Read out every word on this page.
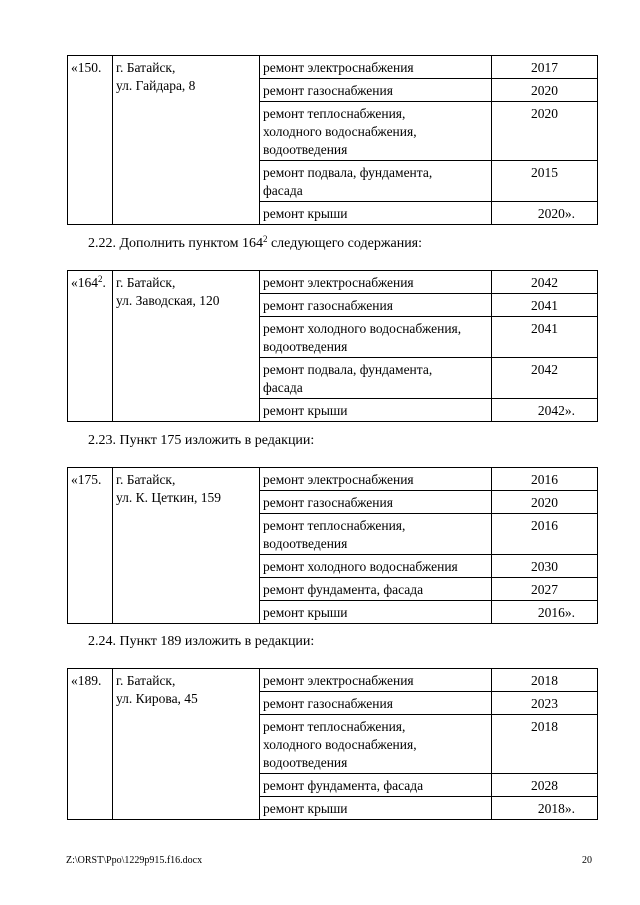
«150.	г. Батайск,
ул. Гайдара, 8	ремонт электроснабжения	2017

		ремонт газоснабжения	2020

		ремонт теплоснабжения,
холодного водоснабжения,
водоотведения	2020

		ремонт подвала, фундамента,
фасада	2015

		ремонт крыши	2020».
2.22. Дополнить пунктом $164^2$ следующего содержания:
«$164^2$.	г. Батайск,
ул. Заводская, 120	ремонт электроснабжения	2042

		ремонт газоснабжения	2041

		ремонт холодного водоснабжения,
водоотведения	2041

		ремонт подвала, фундамента,
фасада	2042

		ремонт крыши	2042».
2.23. Пункт 175 изложить в редакции:
«175.	г. Батайск,
ул. К. Цеткин, 159	ремонт электроснабжения	2016

		ремонт газоснабжения	2020

		ремонт теплоснабжения,
водоотведения	2016

		ремонт холодного водоснабжения	2030

		ремонт фундамента, фасада	2027

		ремонт крыши	2016».
2.24. Пункт 189 изложить в редакции:
«189.	г. Батайск,
ул. Кирова, 45	ремонт электроснабжения	2018

		ремонт газоснабжения	2023

		ремонт теплоснабжения,
холодного водоснабжения,
водоотведения	2018

		ремонт фундамента, фасада	2028

		ремонт крыши	2018».
Z:\ORST\Ppo\1229p915.f16.docx	20
